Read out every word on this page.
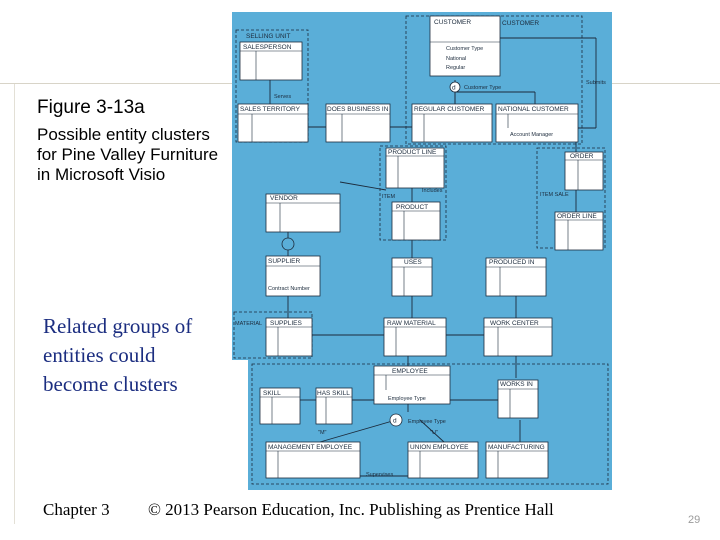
Figure 3-13a
Possible entity clusters for Pine Valley Furniture in Microsoft Visio
Related groups of entities could become clusters
Chapter 3 © 2013 Pearson Education, Inc. Publishing as Prentice Hall
29
d
d
SELLING UNIT
SALESPERSON
CUSTOMER	CUSTOMER
SALES TERRITORY	DOES BUSINESS IN	REGULAR CUSTOMER NATIONAL CUSTOMER
PRODUCT LINE
ORDER
VENDOR	ITEM
PRODUCT
ITEM SALE
ORDER LINE
SUPPLIER	USES	PRODUCED IN
MATERIAL SUPPLIES	RAW MATERIAL	WORK CENTER
EMPLOYEE
SKILL	HAS SKILL
WORKS IN
MANAGEMENT EMPLOYEE	UNION EMPLOYEE	MANUFACTURING
Customer Type
National
Regular
Account Manager
Contract Number
Employee Type
Serves
Submits
Customer Type
Includes
Employee Type
Supervises
"M"	"U"
